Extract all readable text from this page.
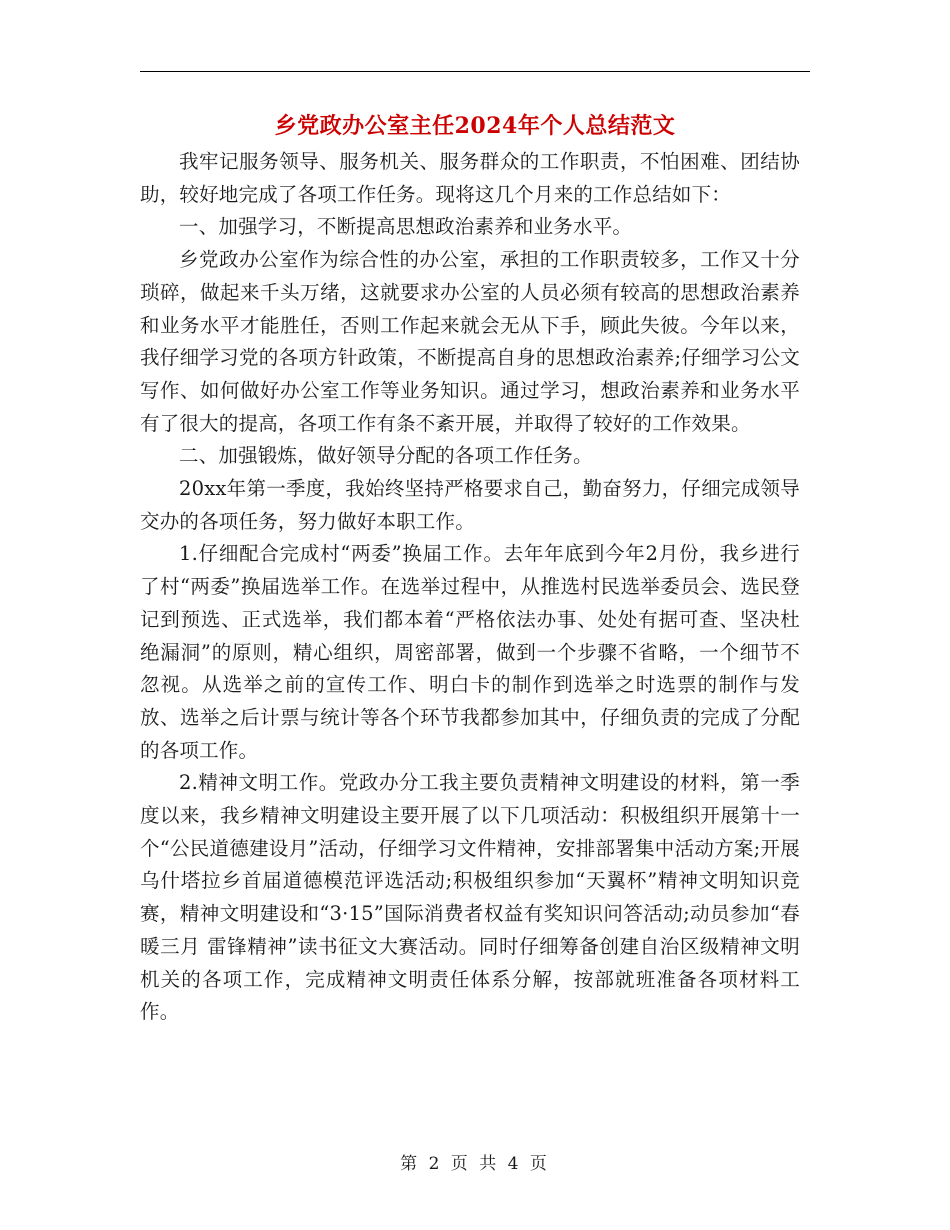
乡党政办公室主任2024年个人总结范文

我牢记服务领导、服务机关、服务群众的工作职责，不怕困难、团结协助，较好地完成了各项工作任务。现将这几个月来的工作总结如下：

一、加强学习，不断提高思想政治素养和业务水平。

乡党政办公室作为综合性的办公室，承担的工作职责较多，工作又十分琐碎，做起来千头万绪，这就要求办公室的人员必须有较高的思想政治素养和业务水平才能胜任，否则工作起来就会无从下手，顾此失彼。今年以来，我仔细学习党的各项方针政策，不断提高自身的思想政治素养;仔细学习公文写作、如何做好办公室工作等业务知识。通过学习，想政治素养和业务水平有了很大的提高，各项工作有条不紊开展，并取得了较好的工作效果。

二、加强锻炼，做好领导分配的各项工作任务。

20xx年第一季度，我始终坚持严格要求自己，勤奋努力，仔细完成领导交办的各项任务，努力做好本职工作。

1.仔细配合完成村“两委”换届工作。去年年底到今年2月份，我乡进行了村“两委”换届选举工作。在选举过程中，从推选村民选举委员会、选民登记到预选、正式选举，我们都本着“严格依法办事、处处有据可查、坚决杜绝漏洞”的原则，精心组织，周密部署，做到一个步骤不省略，一个细节不忽视。从选举之前的宣传工作、明白卡的制作到选举之时选票的制作与发放、选举之后计票与统计等各个环节我都参加其中，仔细负责的完成了分配的各项工作。

2.精神文明工作。党政办分工我主要负责精神文明建设的材料，第一季度以来，我乡精神文明建设主要开展了以下几项活动：积极组织开展第十一个“公民道德建设月”活动，仔细学习文件精神，安排部署集中活动方案;开展乌什塔拉乡首届道德模范评选活动;积极组织参加“天翼杯”精神文明知识竞赛，精神文明建设和“3·15”国际消费者权益有奖知识问答活动;动员参加“春暖三月 雷锋精神”读书征文大赛活动。同时仔细筹备创建自治区级精神文明机关的各项工作，完成精神文明责任体系分解，按部就班准备各项材料工作。

第 2 页 共 4 页
